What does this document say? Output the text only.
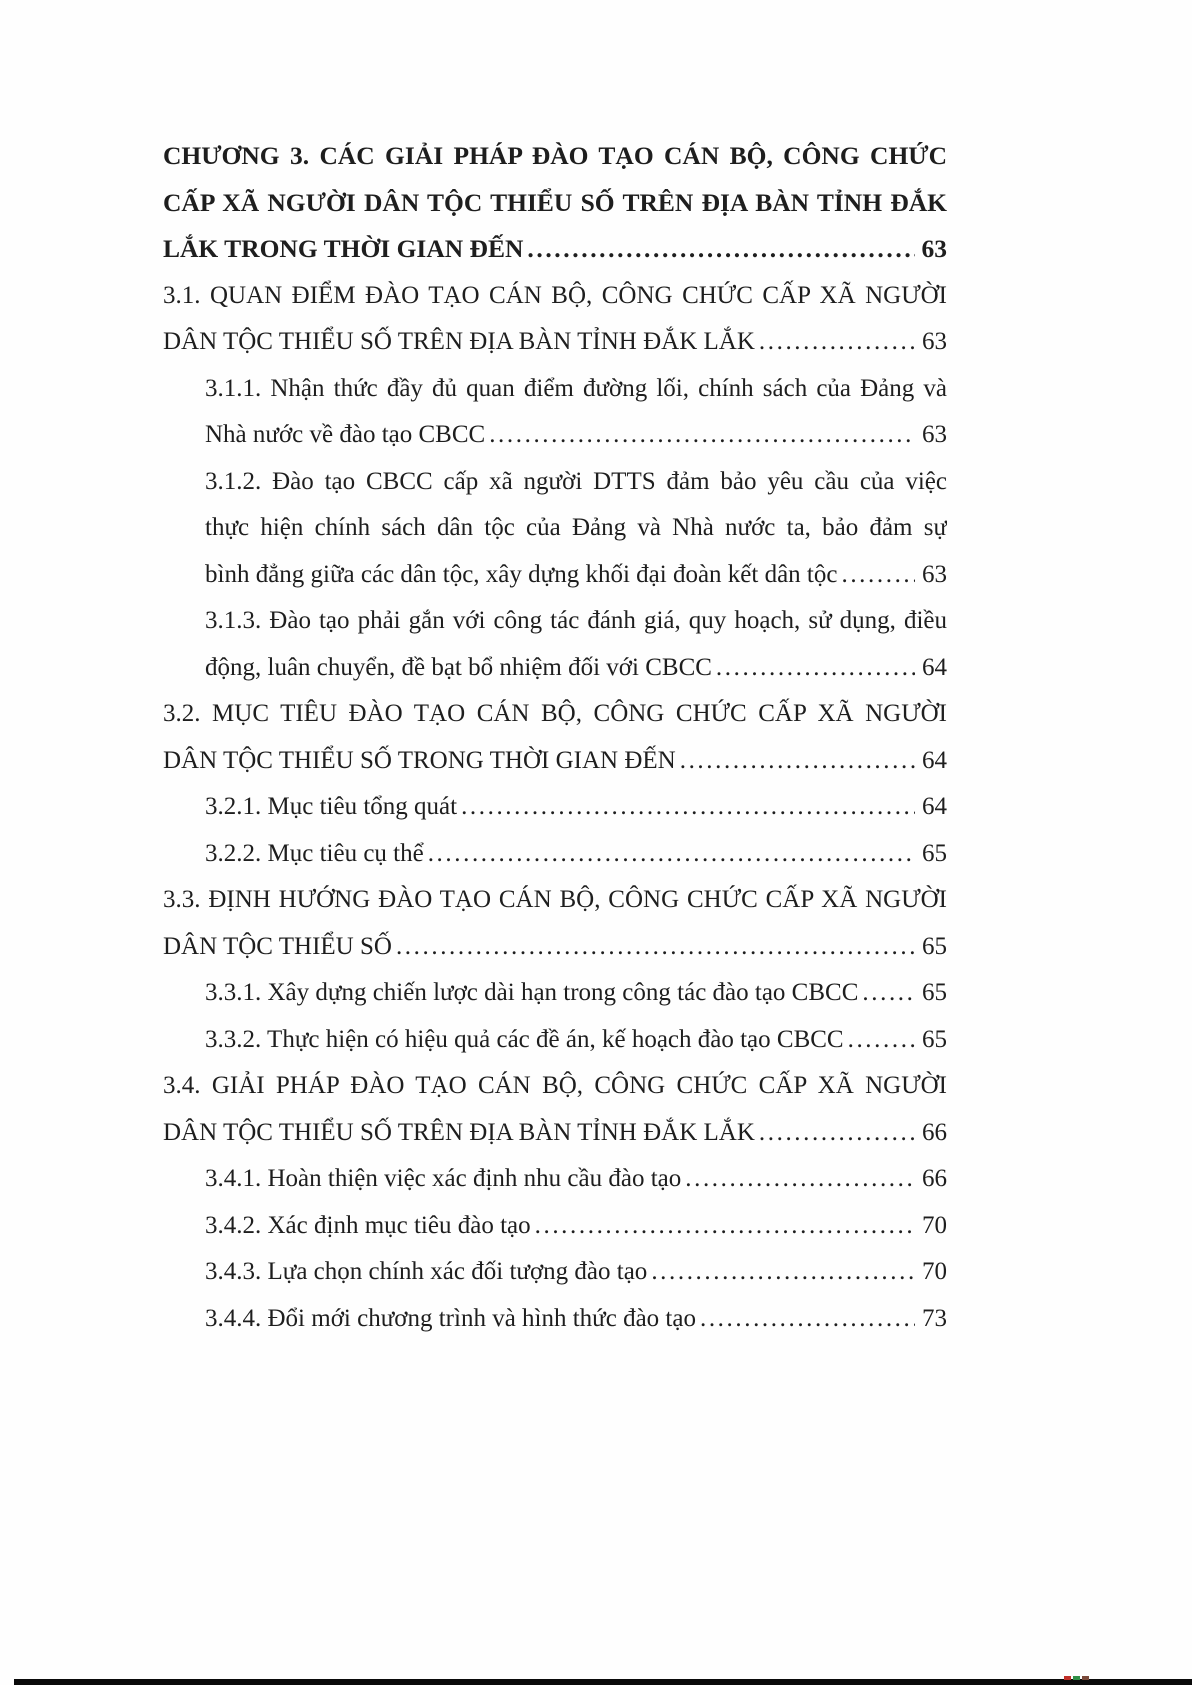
CHƯƠNG 3. CÁC GIẢI PHÁP ĐÀO TẠO CÁN BỘ, CÔNG CHỨC
CẤP XÃ NGƯỜI DÂN TỘC THIỂU SỐ TRÊN ĐỊA BÀN TỈNH ĐẮK
LẮK TRONG THỜI GIAN ĐẾN .....	63
3.1. QUAN ĐIỂM ĐÀO TẠO CÁN BỘ, CÔNG CHỨC CẤP XÃ NGƯỜI
DÂN TỘC THIỂU SỐ TRÊN ĐỊA BÀN TỈNH ĐẮK LẮK .....	63
3.1.1. Nhận thức đầy đủ quan điểm đường lối, chính sách của Đảng và
Nhà nước về đào tạo CBCC .....	63
3.1.2. Đào tạo CBCC cấp xã người DTTS đảm bảo yêu cầu của việc
thực hiện chính sách dân tộc của Đảng và Nhà nước ta, bảo đảm sự
bình đẳng giữa các dân tộc, xây dựng khối đại đoàn kết dân tộc .....	63
3.1.3. Đào tạo phải gắn với công tác đánh giá, quy hoạch, sử dụng, điều
động, luân chuyển, đề bạt bổ nhiệm đối với CBCC .....	64
3.2. MỤC TIÊU ĐÀO TẠO CÁN BỘ, CÔNG CHỨC CẤP XÃ NGƯỜI
DÂN TỘC THIỂU SỐ TRONG THỜI GIAN ĐẾN .....	64
3.2.1. Mục tiêu tổng quát .....	64
3.2.2. Mục tiêu cụ thể .....	65
3.3. ĐỊNH HƯỚNG ĐÀO TẠO CÁN BỘ, CÔNG CHỨC CẤP XÃ NGƯỜI
DÂN TỘC THIỂU SỐ .....	65
3.3.1. Xây dựng chiến lược dài hạn trong công tác đào tạo CBCC .....	65
3.3.2. Thực hiện có hiệu quả các đề án, kế hoạch đào tạo CBCC .....	65
3.4. GIẢI PHÁP ĐÀO TẠO CÁN BỘ, CÔNG CHỨC CẤP XÃ NGƯỜI
DÂN TỘC THIỂU SỐ TRÊN ĐỊA BÀN TỈNH ĐẮK LẮK .....	66
3.4.1. Hoàn thiện việc xác định nhu cầu đào tạo .....	66
3.4.2. Xác định mục tiêu đào tạo .....	70
3.4.3. Lựa chọn chính xác đối tượng đào tạo .....	70
3.4.4. Đổi mới chương trình và hình thức đào tạo .....	73
